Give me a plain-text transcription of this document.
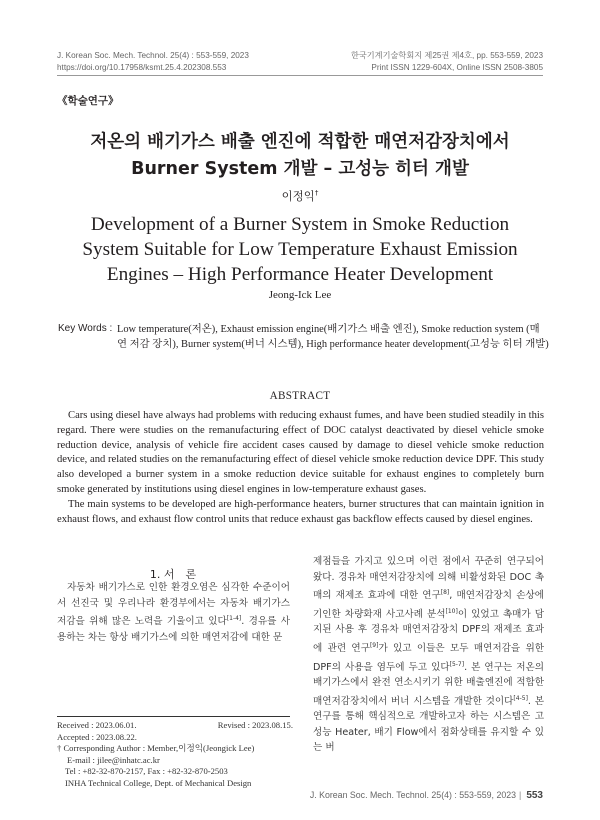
J. Korean Soc. Mech. Technol. 25(4) : 553-559, 2023
https://doi.org/10.17958/ksmt.25.4.202308.553
한국기계기술학회지 제25권 제4호, pp. 553-559, 2023
Print ISSN 1229-604X, Online ISSN 2508-3805
《학술연구》
저온의 배기가스 배출 엔진에 적합한 매연저감장치에서
Burner System 개발 – 고성능 히터 개발
이정익†
Development of a Burner System in Smoke Reduction
System Suitable for Low Temperature Exhaust Emission
Engines – High Performance Heater Development
Jeong-Ick Lee
Key Words : Low temperature(저온), Exhaust emission engine(배기가스 배출 엔진), Smoke reduction system (매연 저감 장치), Burner system(버너 시스템), High performance heater development(고성능 히터 개발)
ABSTRACT

Cars using diesel have always had problems with reducing exhaust fumes, and have been studied steadily in this regard. There were studies on the remanufacturing effect of DOC catalyst deactivated by diesel vehicle smoke reduction device, analysis of vehicle fire accident cases caused by damage to diesel vehicle smoke reduction device, and related studies on the remanufacturing effect of diesel vehicle smoke reduction device DPF. This study also developed a burner system in a smoke reduction device suitable for exhaust engines to completely burn smoke generated by institutions using diesel engines in low-temperature exhaust gases.

The main systems to be developed are high-performance heaters, burner structures that can maintain ignition in exhaust flows, and exhaust flow control units that reduce exhaust gas backflow effects caused by diesel engines.

1. 서　론

자동차 배기가스로 인한 환경오염은 심각한 수준이어서 선진국 및 우리나라 환경부에서는 자동차 배기가스 저감을 위해 많은 노력을 기울이고 있다[1-4]. 경유를 사용하는 차는 항상 배기가스에 의한 매연저감에 대한 문

제점들을 가지고 있으며 이런 점에서 꾸준히 연구되어 왔다. 경유차 매연저감장치에 의해 비활성화된 DOC 촉매의 재제조 효과에 대한 연구[8], 매연저감장치 손상에 기인한 차량화재 사고사례 분석[10]이 있었고 촉매가 담지된 사용 후 경유차 매연저감장치 DPF의 재제조 효과에 관련 연구[9]가 있고 이들은 모두 매연저감을 위한 DPF의 사용을 염두에 두고 있다[5-7]. 본 연구는 저온의 배기가스에서 완전 연소시키기 위한 배출엔진에 적합한 매연저감장치에서 버너 시스템을 개발한 것이다[4-5]. 본 연구를 통해 핵심적으로 개발하고자 하는 시스템은 고성능 Heater, 배기 Flow에서 점화상태를 유지할 수 있는 버

Received : 2023.06.01.	Revised : 2023.08.15.
Accepted : 2023.08.22.
† Corresponding Author : Member,이정익(Jeongick Lee)
E-mail : jilee@inhatc.ac.kr
Tel : +82-32-870-2157, Fax : +82-32-870-2503
INHA Technical College, Dept. of Mechanical Design
J. Korean Soc. Mech. Technol. 25(4) : 553-559, 2023 | 553
